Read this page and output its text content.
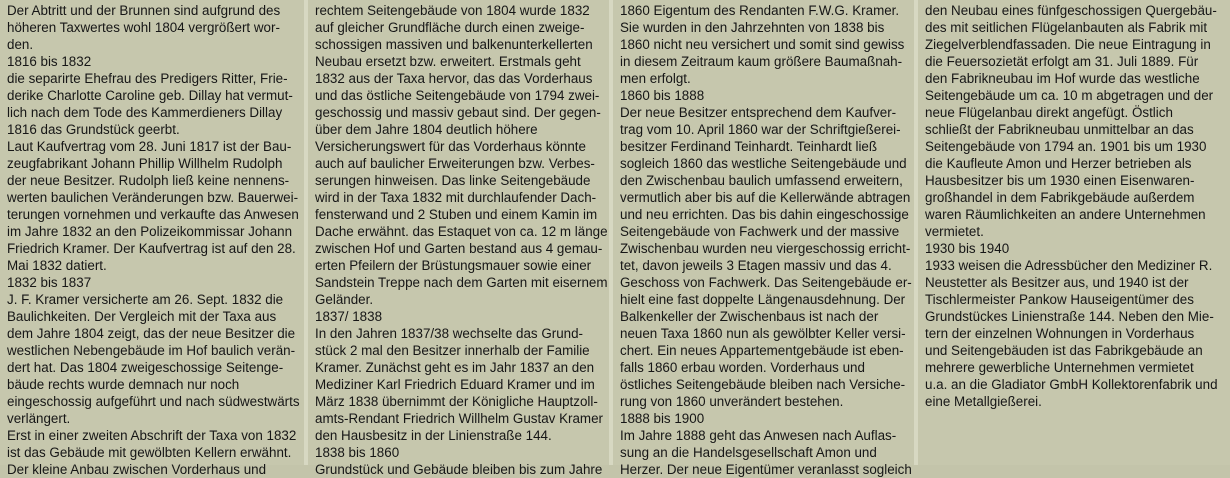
Der Abtritt und der Brunnen sind aufgrund des
höheren Taxwertes wohl 1804 vergrößert wor-
den.
1816 bis 1832
die separirte Ehefrau des Predigers Ritter, Frie-
derike Charlotte Caroline geb. Dillay hat vermut-
lich nach dem Tode des Kammerdieners Dillay
1816 das Grundstück geerbt.
Laut Kaufvertrag vom 28. Juni 1817 ist der Bau-
zeugfabrikant Johann Phillip Willhelm Rudolph
der neue Besitzer. Rudolph ließ keine nennens-
werten baulichen Veränderungen bzw. Bauerwei-
terungen vornehmen und verkaufte das Anwesen
im Jahre 1832 an den Polizeikommissar Johann
Friedrich Kramer. Der Kaufvertrag ist auf den 28.
Mai 1832 datiert.
1832 bis 1837
J. F. Kramer versicherte am 26. Sept. 1832 die
Baulichkeiten. Der Vergleich mit der Taxa aus
dem Jahre 1804 zeigt, das der neue Besitzer die
westlichen Nebengebäude im Hof baulich verän-
dert hat. Das 1804 zweigeschossige Seitenge-
bäude rechts wurde demnach nur noch
eingeschossig aufgeführt und nach südwestwärts
verlängert.
Erst in einer zweiten Abschrift der Taxa von 1832
ist das Gebäude mit gewölbten Kellern erwähnt.
Der kleine Anbau zwischen Vorderhaus und
rechtem Seitengebäude von 1804 wurde 1832
auf gleicher Grundfläche durch einen zweige-
schossigen massiven und balkenunterkellerten
Neubau ersetzt bzw. erweitert. Erstmals geht
1832 aus der Taxa hervor, das das Vorderhaus
und das östliche Seitengebäude von 1794 zwei-
geschossig und massiv gebaut sind. Der gegen-
über dem Jahre 1804 deutlich höhere
Versicherungswert für das Vorderhaus könnte
auch auf baulicher Erweiterungen bzw. Verbes-
serungen hinweisen. Das linke Seitengebäude
wird in der Taxa 1832 mit durchlaufender Dach-
fensterwand und 2 Stuben und einem Kamin im
Dache erwähnt. das Estaquet von ca. 12 m länge
zwischen Hof und Garten bestand aus 4 gemau-
erten Pfeilern der Brüstungsmauer sowie einer
Sandstein Treppe nach dem Garten mit eisernem
Geländer.
1837/ 1838
In den Jahren 1837/38 wechselte das Grund-
stück 2 mal den Besitzer innerhalb der Familie
Kramer. Zunächst geht es im Jahr 1837 an den
Mediziner Karl Friedrich Eduard Kramer und im
März 1838 übernimmt der Königliche Hauptzoll-
amts-Rendant Friedrich Willhelm Gustav Kramer
den Hausbesitz in der Linienstraße 144.
1838 bis 1860
Grundstück und Gebäude bleiben bis zum Jahre
1860 Eigentum des Rendanten F.W.G. Kramer.
Sie wurden in den Jahrzehnten von 1838 bis
1860 nicht neu versichert und somit sind gewiss
in diesem Zeitraum kaum größere Baumaßnah-
men erfolgt.
1860 bis 1888
Der neue Besitzer entsprechend dem Kaufver-
trag vom 10. April 1860 war der Schriftgießerei-
besitzer Ferdinand Teinhardt. Teinhardt ließ
sogleich 1860 das westliche Seitengebäude und
den Zwischenbau baulich umfassend erweitern,
vermutlich aber bis auf die Kellerwände abtragen
und neu errichten. Das bis dahin eingeschossige
Seitengebäude von Fachwerk und der massive
Zwischenbau wurden neu viergeschossig erricht-
tet, davon jeweils 3 Etagen massiv und das 4.
Geschoss von Fachwerk. Das Seitengebäude er-
hielt eine fast doppelte Längenausdehnung. Der
Balkenkeller der Zwischenbaus ist nach der
neuen Taxa 1860 nun als gewölbter Keller versi-
chert. Ein neues Appartementgebäude ist eben-
falls 1860 erbau worden. Vorderhaus und
östliches Seitengebäude bleiben nach Versiche-
rung von 1860 unverändert bestehen.
1888 bis 1900
Im Jahre 1888 geht das Anwesen nach Auflas-
sung an die Handelsgesellschaft Amon und
Herzer. Der neue Eigentümer veranlasst sogleich
den Neubau eines fünfgeschossigen Quergebäu-
des mit seitlichen Flügelanbauten als Fabrik mit
Ziegelverblendfassaden. Die neue Eintragung in
die Feuersozietät erfolgt am 31. Juli 1889. Für
den Fabrikneubau im Hof wurde das westliche
Seitengebäude um ca. 10 m abgetragen und der
neue Flügelanbau direkt angefügt. Östlich
schließt der Fabrikneubau unmittelbar an das
Seitengebäude von 1794 an. 1901 bis um 1930
die Kaufleute Amon und Herzer betrieben als
Hausbesitzer bis um 1930 einen Eisenwaren-
großhandel in dem Fabrikgebäude außerdem
waren Räumlichkeiten an andere Unternehmen
vermietet.
1930 bis 1940
1933 weisen die Adressbücher den Mediziner R.
Neustetter als Besitzer aus, und 1940 ist der
Tischlermeister Pankow Hauseigentümer des
Grundstückes Linienstraße 144. Neben den Mie-
tern der einzelnen Wohnungen in Vorderhaus
und Seitengebäuden ist das Fabrikgebäude an
mehrere gewerbliche Unternehmen vermietet
u.a. an die Gladiator GmbH Kollektorenfabrik und
eine Metallgießerei.
